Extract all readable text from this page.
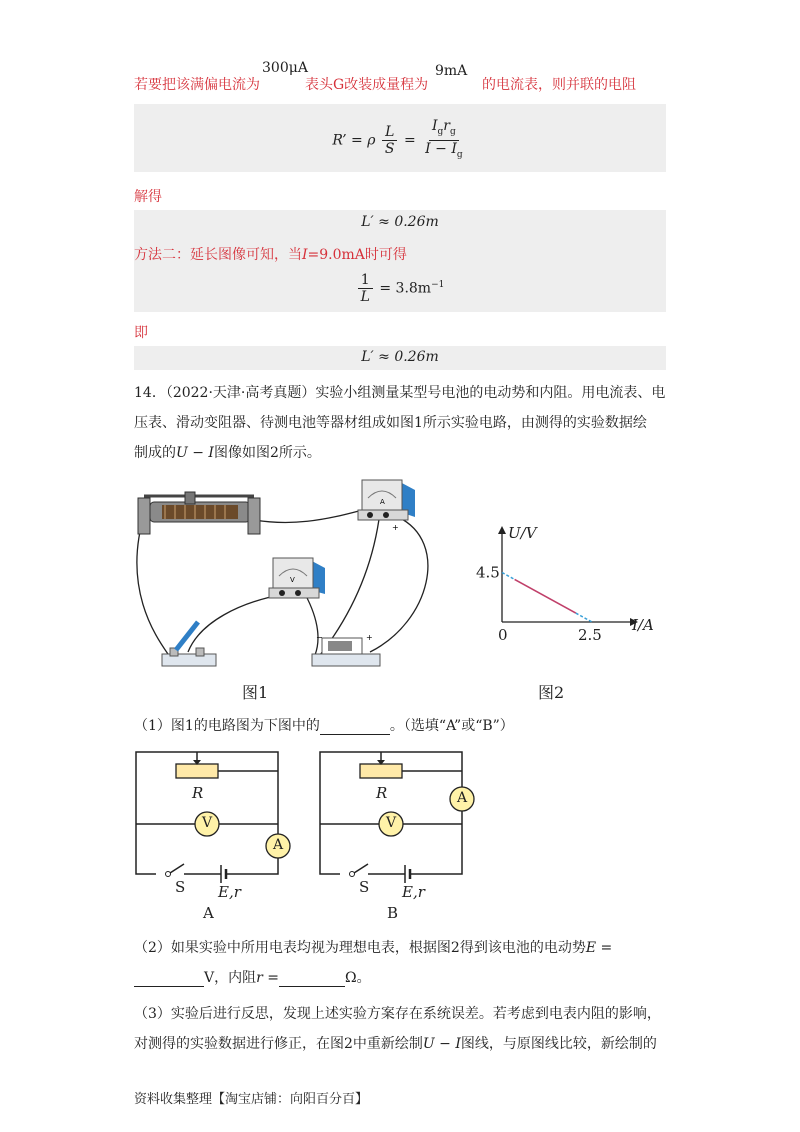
若要把该满偏电流为
300μA
表头G改装成量程为
9mA
的电流表，则并联的电阻
R’ = ρ $\frac{L}{S} = \frac{I_gr_g}{I - I_g}$
解得
L′ ≈ 0.26m
方法二：延长图像可知，当I=9.0mA时可得
$\frac{1}{L} = 3.8m^{-1}$
即
L′ ≈ 0.26m
14．（2022·天津·高考真题）实验小组测量某型号电池的电动势和内阻。用电流表、电
压表、滑动变阻器、待测电池等器材组成如图1所示实验电路，由测得的实验数据绘
制成的U − I图像如图2所示。
A
+
V
−	+
图1
U/V
I/A
4.5
2.5
0
图2
（1）图1的电路图为下图中的	。（选填“A”或“B”）
R
V
A
S E,r
A
R
V
A
S E,r
B
（2）如果实验中所用电表均视为理想电表，根据图2得到该电池的电动势E =
V，内阻r =	Ω。
（3）实验后进行反思，发现上述实验方案存在系统误差。若考虑到电表内阻的影响，
对测得的实验数据进行修正，在图2中重新绘制U − I图线，与原图线比较，新绘制的
资料收集整理【淘宝店铺：向阳百分百】
